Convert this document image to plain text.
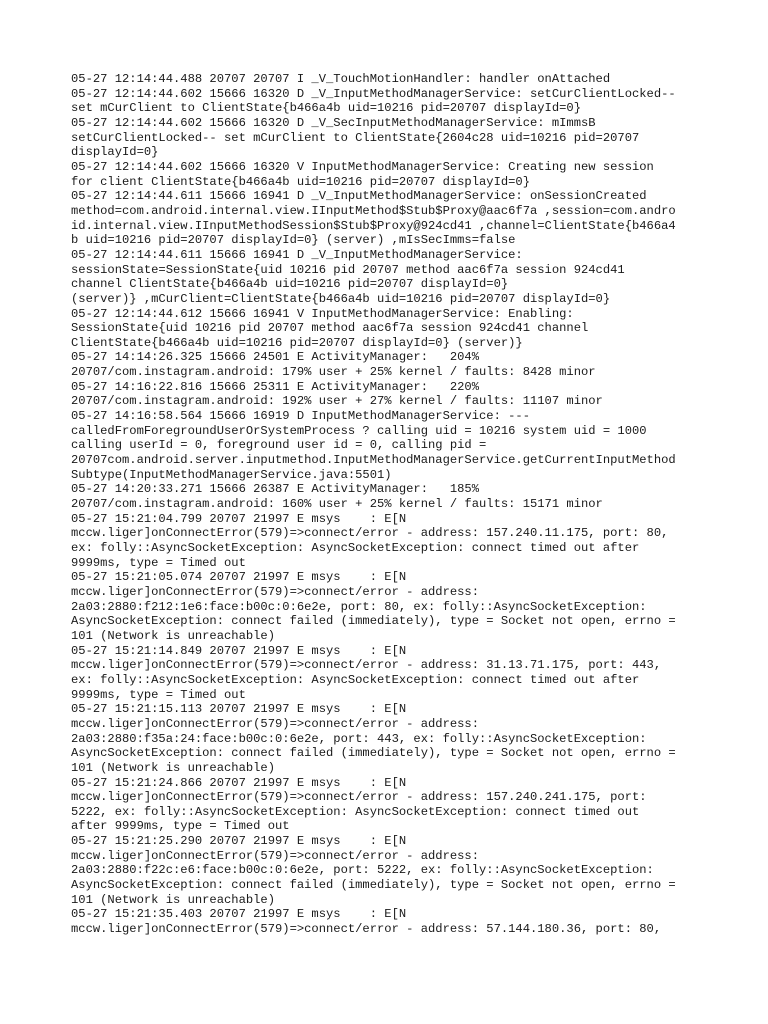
05-27 12:14:44.488 20707 20707 I _V_TouchMotionHandler: handler onAttached
05-27 12:14:44.602 15666 16320 D _V_InputMethodManagerService: setCurClientLocked--
set mCurClient to ClientState{b466a4b uid=10216 pid=20707 displayId=0}
05-27 12:14:44.602 15666 16320 D _V_SecInputMethodManagerService: mImmsB
setCurClientLocked-- set mCurClient to ClientState{2604c28 uid=10216 pid=20707
displayId=0}
05-27 12:14:44.602 15666 16320 V InputMethodManagerService: Creating new session
for client ClientState{b466a4b uid=10216 pid=20707 displayId=0}
05-27 12:14:44.611 15666 16941 D _V_InputMethodManagerService: onSessionCreated
method=com.android.internal.view.IInputMethod$Stub$Proxy@aac6f7a ,session=com.andro
id.internal.view.IInputMethodSession$Stub$Proxy@924cd41 ,channel=ClientState{b466a4
b uid=10216 pid=20707 displayId=0} (server) ,mIsSecImms=false
05-27 12:14:44.611 15666 16941 D _V_InputMethodManagerService:
sessionState=SessionState{uid 10216 pid 20707 method aac6f7a session 924cd41
channel ClientState{b466a4b uid=10216 pid=20707 displayId=0}
(server)} ,mCurClient=ClientState{b466a4b uid=10216 pid=20707 displayId=0}
05-27 12:14:44.612 15666 16941 V InputMethodManagerService: Enabling:
SessionState{uid 10216 pid 20707 method aac6f7a session 924cd41 channel
ClientState{b466a4b uid=10216 pid=20707 displayId=0} (server)}
05-27 14:14:26.325 15666 24501 E ActivityManager:   204%
20707/com.instagram.android: 179% user + 25% kernel / faults: 8428 minor
05-27 14:16:22.816 15666 25311 E ActivityManager:   220%
20707/com.instagram.android: 192% user + 27% kernel / faults: 11107 minor
05-27 14:16:58.564 15666 16919 D InputMethodManagerService: ---
calledFromForegroundUserOrSystemProcess ? calling uid = 10216 system uid = 1000
calling userId = 0, foreground user id = 0, calling pid =
20707com.android.server.inputmethod.InputMethodManagerService.getCurrentInputMethod
Subtype(InputMethodManagerService.java:5501)
05-27 14:20:33.271 15666 26387 E ActivityManager:   185%
20707/com.instagram.android: 160% user + 25% kernel / faults: 15171 minor
05-27 15:21:04.799 20707 21997 E msys    : E[N
mccw.liger]onConnectError(579)=>connect/error - address: 157.240.11.175, port: 80,
ex: folly::AsyncSocketException: AsyncSocketException: connect timed out after
9999ms, type = Timed out
05-27 15:21:05.074 20707 21997 E msys    : E[N
mccw.liger]onConnectError(579)=>connect/error - address:
2a03:2880:f212:1e6:face:b00c:0:6e2e, port: 80, ex: folly::AsyncSocketException:
AsyncSocketException: connect failed (immediately), type = Socket not open, errno =
101 (Network is unreachable)
05-27 15:21:14.849 20707 21997 E msys    : E[N
mccw.liger]onConnectError(579)=>connect/error - address: 31.13.71.175, port: 443,
ex: folly::AsyncSocketException: AsyncSocketException: connect timed out after
9999ms, type = Timed out
05-27 15:21:15.113 20707 21997 E msys    : E[N
mccw.liger]onConnectError(579)=>connect/error - address:
2a03:2880:f35a:24:face:b00c:0:6e2e, port: 443, ex: folly::AsyncSocketException:
AsyncSocketException: connect failed (immediately), type = Socket not open, errno =
101 (Network is unreachable)
05-27 15:21:24.866 20707 21997 E msys    : E[N
mccw.liger]onConnectError(579)=>connect/error - address: 157.240.241.175, port:
5222, ex: folly::AsyncSocketException: AsyncSocketException: connect timed out
after 9999ms, type = Timed out
05-27 15:21:25.290 20707 21997 E msys    : E[N
mccw.liger]onConnectError(579)=>connect/error - address:
2a03:2880:f22c:e6:face:b00c:0:6e2e, port: 5222, ex: folly::AsyncSocketException:
AsyncSocketException: connect failed (immediately), type = Socket not open, errno =
101 (Network is unreachable)
05-27 15:21:35.403 20707 21997 E msys    : E[N
mccw.liger]onConnectError(579)=>connect/error - address: 57.144.180.36, port: 80,
